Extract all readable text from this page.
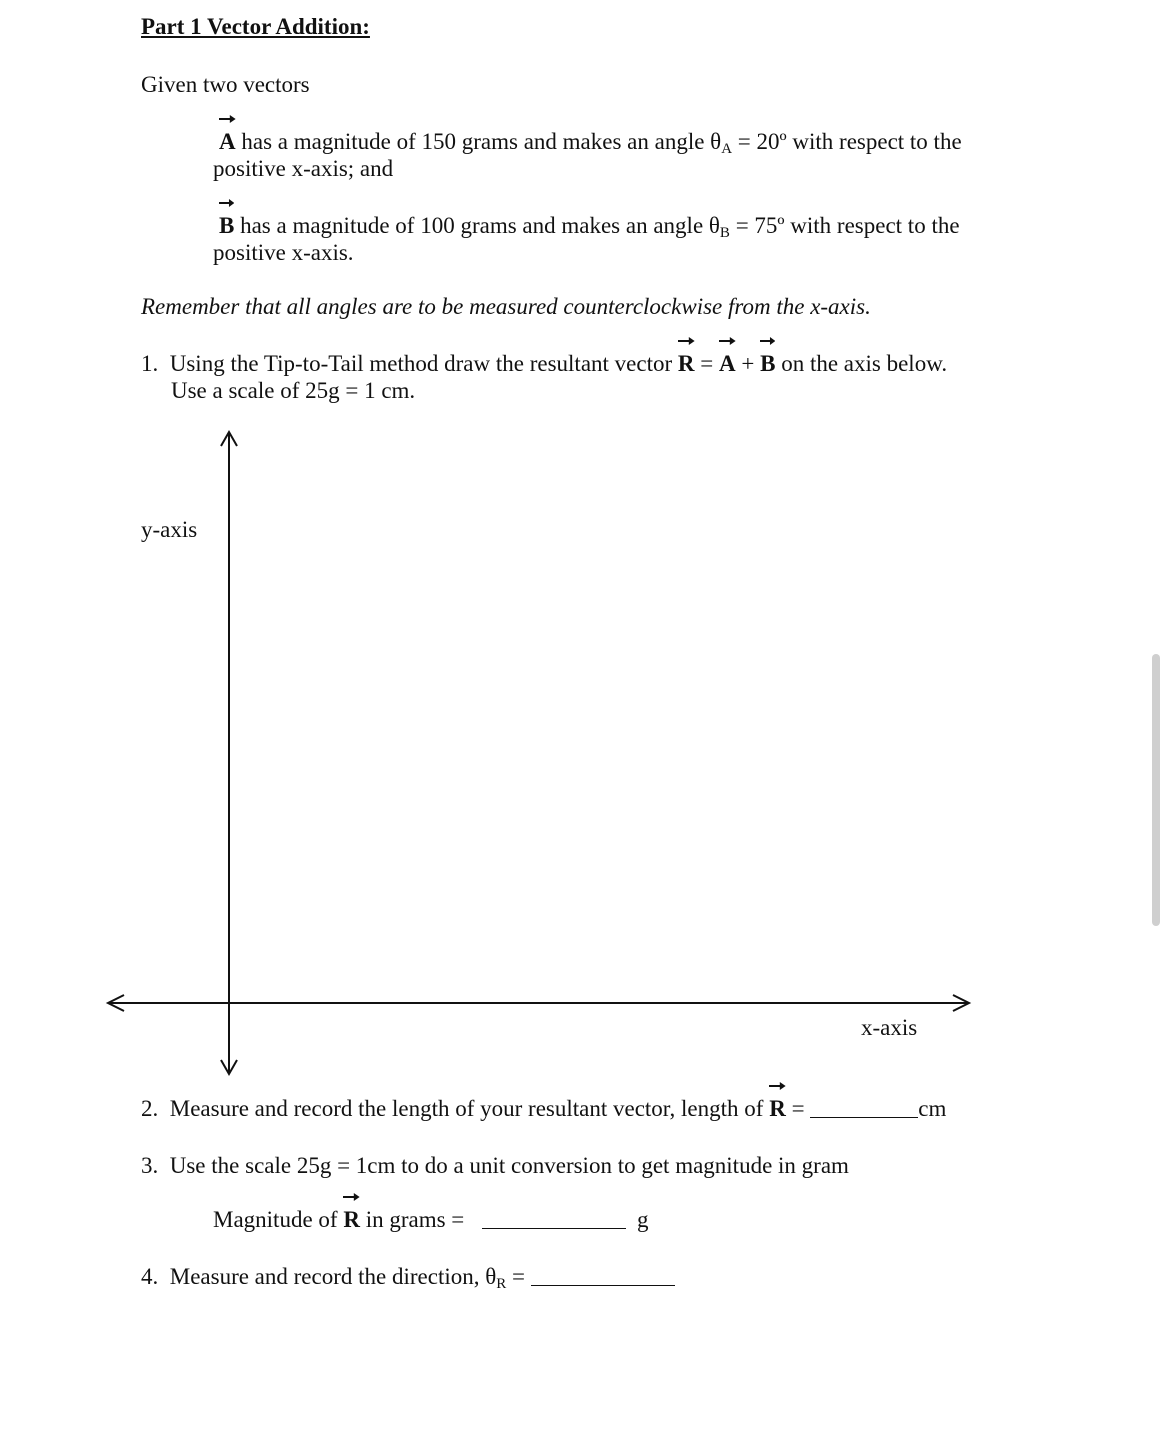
Part 1 Vector Addition:
Given two vectors
A has a magnitude of 150 grams and makes an angle $\theta_A$ = 20º with respect to the
positive x-axis; and
B has a magnitude of 100 grams and makes an angle $\theta_B$ = 75º with respect to the
positive x-axis.
Remember that all angles are to be measured counterclockwise from the x-axis.
1. Using the Tip-to-Tail method draw the resultant vector
R =
A +
B on the axis below.
Use a scale of 25g = 1 cm.
y-axis
x-axis
2. Measure and record the length of your resultant vector, length of
R =	cm
3. Use the scale 25g = 1cm to do a unit conversion to get magnitude in gram
Magnitude of
R in grams =	g
4. Measure and record the direction, $\theta_R$ =
